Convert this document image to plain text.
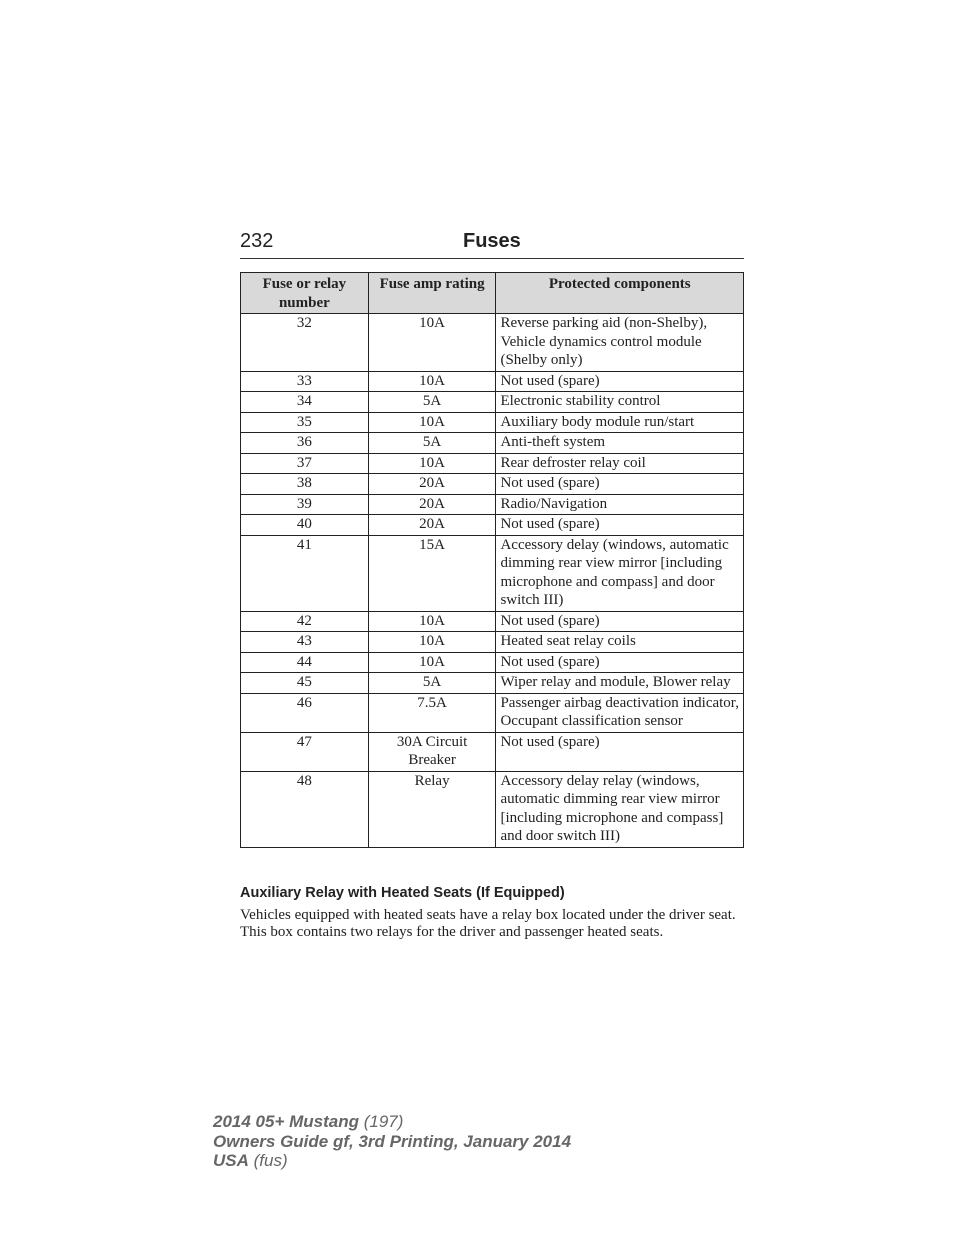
232	Fuses
Fuse or relay number	Fuse amp rating	Protected components
32	10A	Reverse parking aid (non-Shelby), Vehicle dynamics control module (Shelby only)
33	10A	Not used (spare)
34	5A	Electronic stability control
35	10A	Auxiliary body module run/start
36	5A	Anti-theft system
37	10A	Rear defroster relay coil
38	20A	Not used (spare)
39	20A	Radio/Navigation
40	20A	Not used (spare)
41	15A	Accessory delay (windows, automatic dimming rear view mirror [including microphone and compass] and door switch III)
42	10A	Not used (spare)
43	10A	Heated seat relay coils
44	10A	Not used (spare)
45	5A	Wiper relay and module, Blower relay
46	7.5A	Passenger airbag deactivation indicator, Occupant classification sensor
47	30A Circuit Breaker	Not used (spare)
48	Relay	Accessory delay relay (windows, automatic dimming rear view mirror [including microphone and compass] and door switch III)
Auxiliary Relay with Heated Seats (If Equipped)
Vehicles equipped with heated seats have a relay box located under the driver seat. This box contains two relays for the driver and passenger heated seats.
2014 05+ Mustang (197)
Owners Guide gf, 3rd Printing, January 2014
USA (fus)
